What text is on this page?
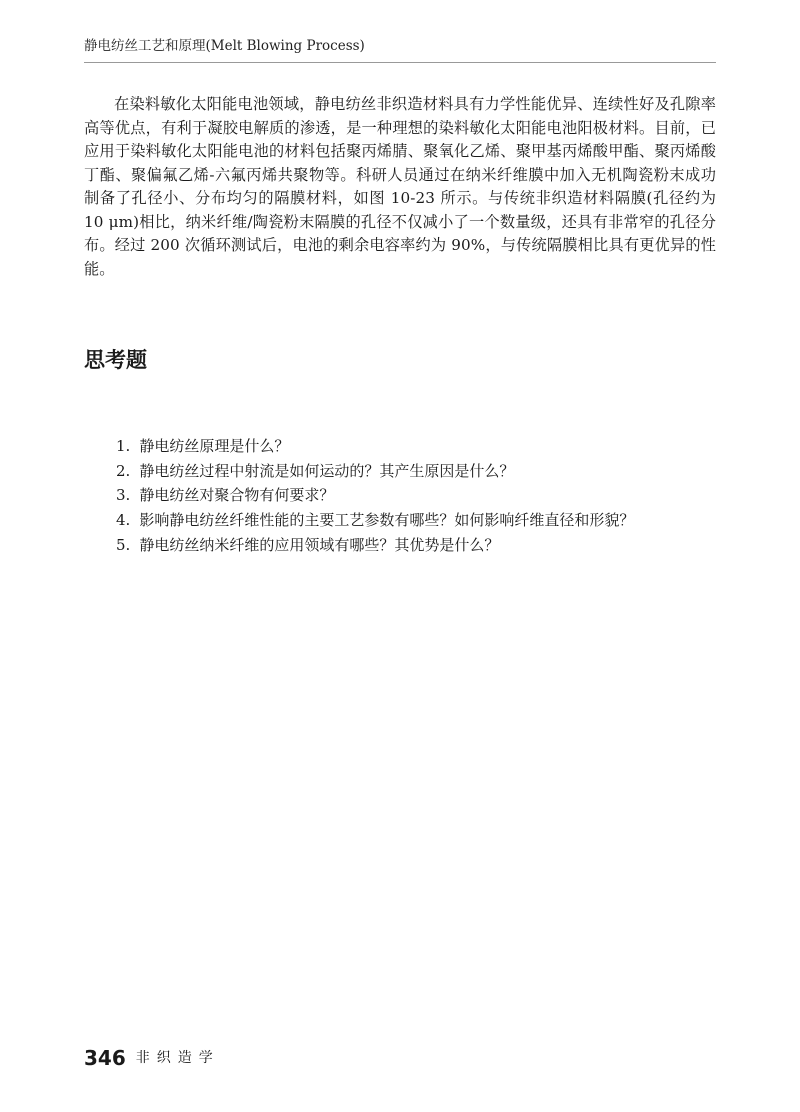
静电纺丝工艺和原理(Melt Blowing Process)

在染料敏化太阳能电池领域，静电纺丝非织造材料具有力学性能优异、连续性好及孔隙率高等优点，有利于凝胶电解质的渗透，是一种理想的染料敏化太阳能电池阳极材料。目前，已应用于染料敏化太阳能电池的材料包括聚丙烯腈、聚氧化乙烯、聚甲基丙烯酸甲酯、聚丙烯酸丁酯、聚偏氟乙烯-六氟丙烯共聚物等。科研人员通过在纳米纤维膜中加入无机陶瓷粉末成功制备了孔径小、分布均匀的隔膜材料，如图 10-23 所示。与传统非织造材料隔膜(孔径约为 10 μm)相比，纳米纤维/陶瓷粉末隔膜的孔径不仅减小了一个数量级，还具有非常窄的孔径分布。经过 200 次循环测试后，电池的剩余电容率约为 90%，与传统隔膜相比具有更优异的性能。

思考题
1. 静电纺丝原理是什么？
2. 静电纺丝过程中射流是如何运动的？其产生原因是什么？
3. 静电纺丝对聚合物有何要求？
4. 影响静电纺丝纤维性能的主要工艺参数有哪些？如何影响纤维直径和形貌？
5. 静电纺丝纳米纤维的应用领域有哪些？其优势是什么？
346 非织造学
